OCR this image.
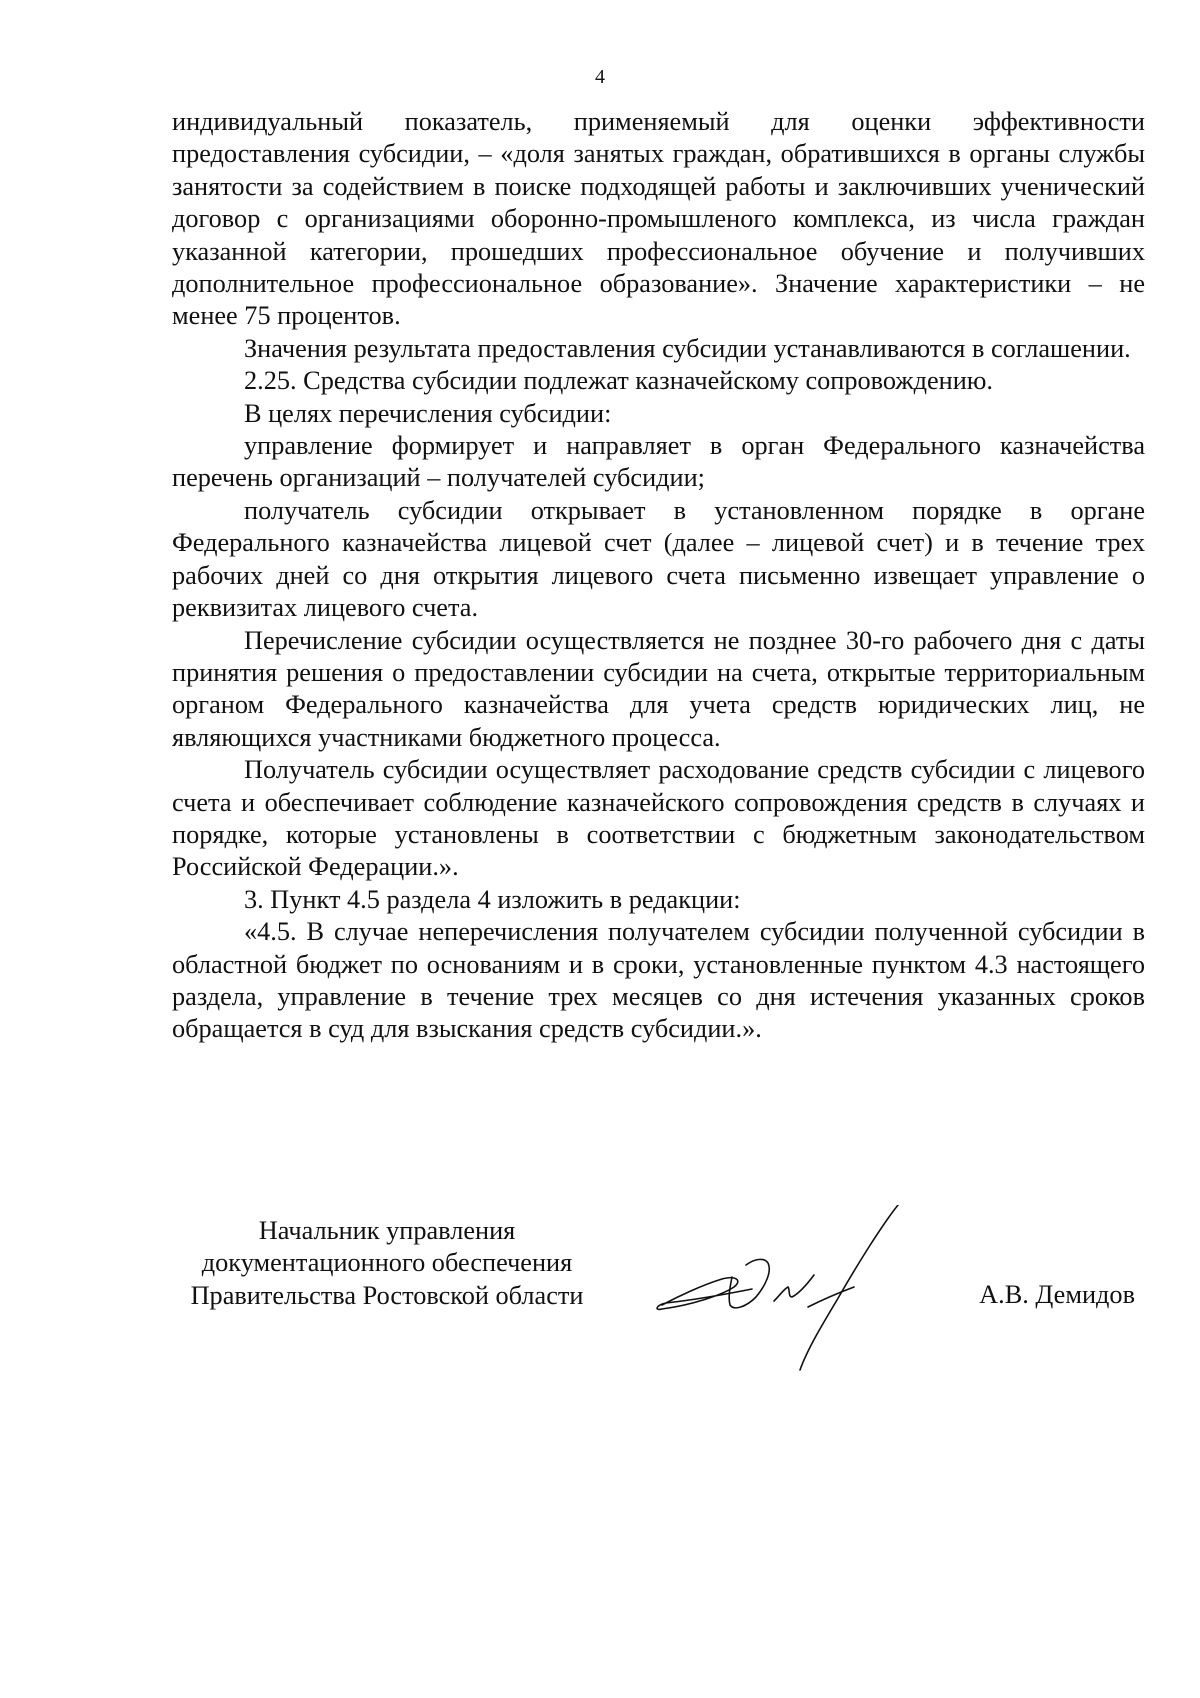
4

индивидуальный показатель, применяемый для оценки эффективности предоставления субсидии, – «доля занятых граждан, обратившихся в органы службы занятости за содействием в поиске подходящей работы и заключивших ученический договор с организациями оборонно-промышленого комплекса, из числа граждан указанной категории, прошедших профессиональное обучение и получивших дополнительное профессиональное образование». Значение характеристики – не менее 75 процентов.

Значения результата предоставления субсидии устанавливаются в соглашении.

2.25. Средства субсидии подлежат казначейскому сопровождению.

В целях перечисления субсидии:

управление формирует и направляет в орган Федерального казначейства перечень организаций – получателей субсидии;

получатель субсидии открывает в установленном порядке в органе Федерального казначейства лицевой счет (далее – лицевой счет) и в течение трех рабочих дней со дня открытия лицевого счета письменно извещает управление о реквизитах лицевого счета.

Перечисление субсидии осуществляется не позднее 30-го рабочего дня с даты принятия решения о предоставлении субсидии на счета, открытые территориальным органом Федерального казначейства для учета средств юридических лиц, не являющихся участниками бюджетного процесса.

Получатель субсидии осуществляет расходование средств субсидии с лицевого счета и обеспечивает соблюдение казначейского сопровождения средств в случаях и порядке, которые установлены в соответствии с бюджетным законодательством Российской Федерации.».

3. Пункт 4.5 раздела 4 изложить в редакции:

«4.5. В случае неперечисления получателем субсидии полученной субсидии в областной бюджет по основаниям и в сроки, установленные пунктом 4.3 настоящего раздела, управление в течение трех месяцев со дня истечения указанных сроков обращается в суд для взыскания средств субсидии.».

Начальник управления
документационного обеспечения
Правительства Ростовской области	А.В. Демидов
